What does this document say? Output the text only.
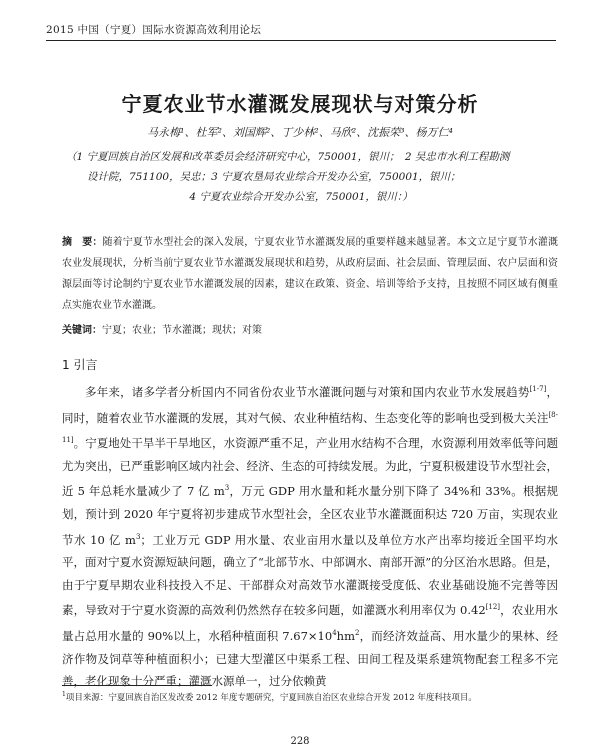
2015 中国（宁夏）国际水资源高效利用论坛
宁夏农业节水灌溉发展现状与对策分析
马永梅¹、杜军²、刘国辉²、丁少林²、马欣²、沈振荣³、杨万仁⁴
（1 宁夏回族自治区发展和改革委员会经济研究中心，750001，银川；　2 吴忠市水利工程勘测
设计院，751100，吴忠；3 宁夏农垦局农业综合开发办公室，750001，银川；
4 宁夏农业综合开发办公室，750001，银川：）
摘　要：随着宁夏节水型社会的深入发展，宁夏农业节水灌溉发展的重要样越来越显著。本文立足宁夏节水灌溉农业发展现状，分析当前宁夏农业节水灌溉发展现状和趋势，从政府层面、社会层面、管理层面、农户层面和资源层面等讨论制约宁夏农业节水灌溉发展的因素，建议在政策、资金、培训等给予支持，且按照不同区域有侧重点实施农业节水灌溉。
关键词：宁夏；农业；节水灌溉；现状；对策
1 引言
多年来，诸多学者分析国内不同省份农业节水灌溉问题与对策和国内农业节水发展趋势[1-7]，同时，随着农业节水灌溉的发展，其对气候、农业种植结构、生态变化等的影响也受到极大关注[8-11]。宁夏地处干旱半干旱地区，水资源严重不足，产业用水结构不合理，水资源利用效率低等问题尤为突出，已严重影响区域内社会、经济、生态的可持续发展。为此，宁夏积极建设节水型社会，近 5 年总耗水量减少了 7 亿 $m^3$，万元 GDP 用水量和耗水量分别下降了 34%和 33%。根据规划，预计到 2020 年宁夏将初步建成节水型社会，全区农业节水灌溉面积达 720 万亩，实现农业节水 10 亿 $m^3$；工业万元 GDP 用水量、农业亩用水量以及单位方水产出率均接近全国平均水平，面对宁夏水资源短缺问题，确立了“北部节水、中部调水、南部开源”的分区治水思路。但是，由于宁夏早期农业科技投入不足、干部群众对高效节水灌溉接受度低、农业基础设施不完善等因素，导致对于宁夏水资源的高效利仍然然存在较多问题，如灌溉水利用率仅为 0.42[12]，农业用水量占总用水量的 90%以上，水稻种植面积 $7.67\times 10^4hm^2$，而经济效益高、用水量少的果林、经济作物及饲草等种植面积小；已建大型灌区中渠系工程、田间工程及渠系建筑物配套工程多不完善，老化现象十分严重；灌溉水源单一，过分依赖黄
$^1$项目来源：宁夏回族自治区发改委 2012 年度专题研究，宁夏回族自治区农业综合开发 2012 年度科技项目。
228
